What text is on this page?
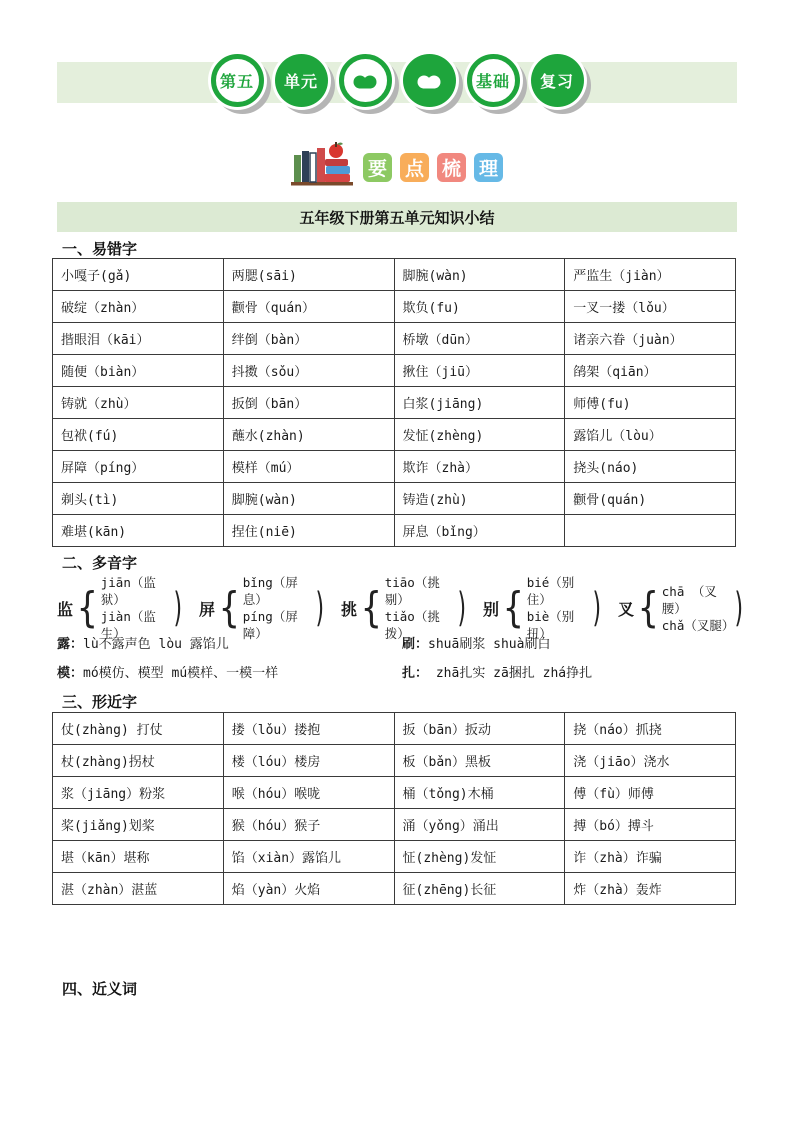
第五 单元	基础 复习
要 点 梳 理
五年级下册第五单元知识小结
一、易错字
小嘎子(gǎ)	两腮(sāi)	脚腕(wàn)	严监生（jiàn）
破绽（zhàn）	颧骨（quán）	欺负(fu)	一叉一搂（lǒu）
揩眼泪（kāi）	绊倒（bàn）	桥墩（dūn）	诸亲六眷（juàn）
随便（biàn）	抖擞（sǒu）	揪住（jiū）	鹐架（qiān）
铸就（zhù）	扳倒（bān）	白浆(jiāng)	师傅(fu)
包袱(fú)	蘸水(zhàn)	发怔(zhèng)	露馅儿（lòu）
屏障（píng）	模样（mú）	欺诈（zhà）	挠头(náo)
剃头(tì)	脚腕(wàn)	铸造(zhù)	颧骨(quán)
难堪(kān)	捏住(niē)	屏息（bǐng）	
二、多音字
监 {
jiān（监狱）
jiàn（监生）
) 屏 {
bǐng（屏息）
píng（屏障）
) 挑 {
tiāo（挑剔）
tiǎo（挑拨）
) 别 {
bié（别住）
biè（别扭）
) 叉 { chā （叉腰）
chǎ（叉腿） )
露：lù不露声色 lòu 露馅儿	刷：shuā刷浆 shuà刷白
模：mó模仿、模型 mú模样、一模一样	扎： zhā扎实 zā捆扎 zhá挣扎
三、形近字
仗(zhàng) 打仗	搂（lǒu）搂抱	扳（bān）扳动	挠（náo）抓挠
杖(zhàng)拐杖	楼（lóu）楼房	板（bǎn）黑板	浇（jiāo）浇水
浆（jiāng）粉浆	喉（hóu）喉咙	桶（tǒng)木桶	傅（fù）师傅
桨(jiǎng)划桨	猴（hóu）猴子	涌（yǒng）涌出	搏（bó）搏斗
堪（kān）堪称	馅（xiàn）露馅儿	怔(zhèng)发怔	诈（zhà）诈骗
湛（zhàn）湛蓝	焰（yàn）火焰	征(zhēng)长征	炸（zhà）轰炸
四、近义词
